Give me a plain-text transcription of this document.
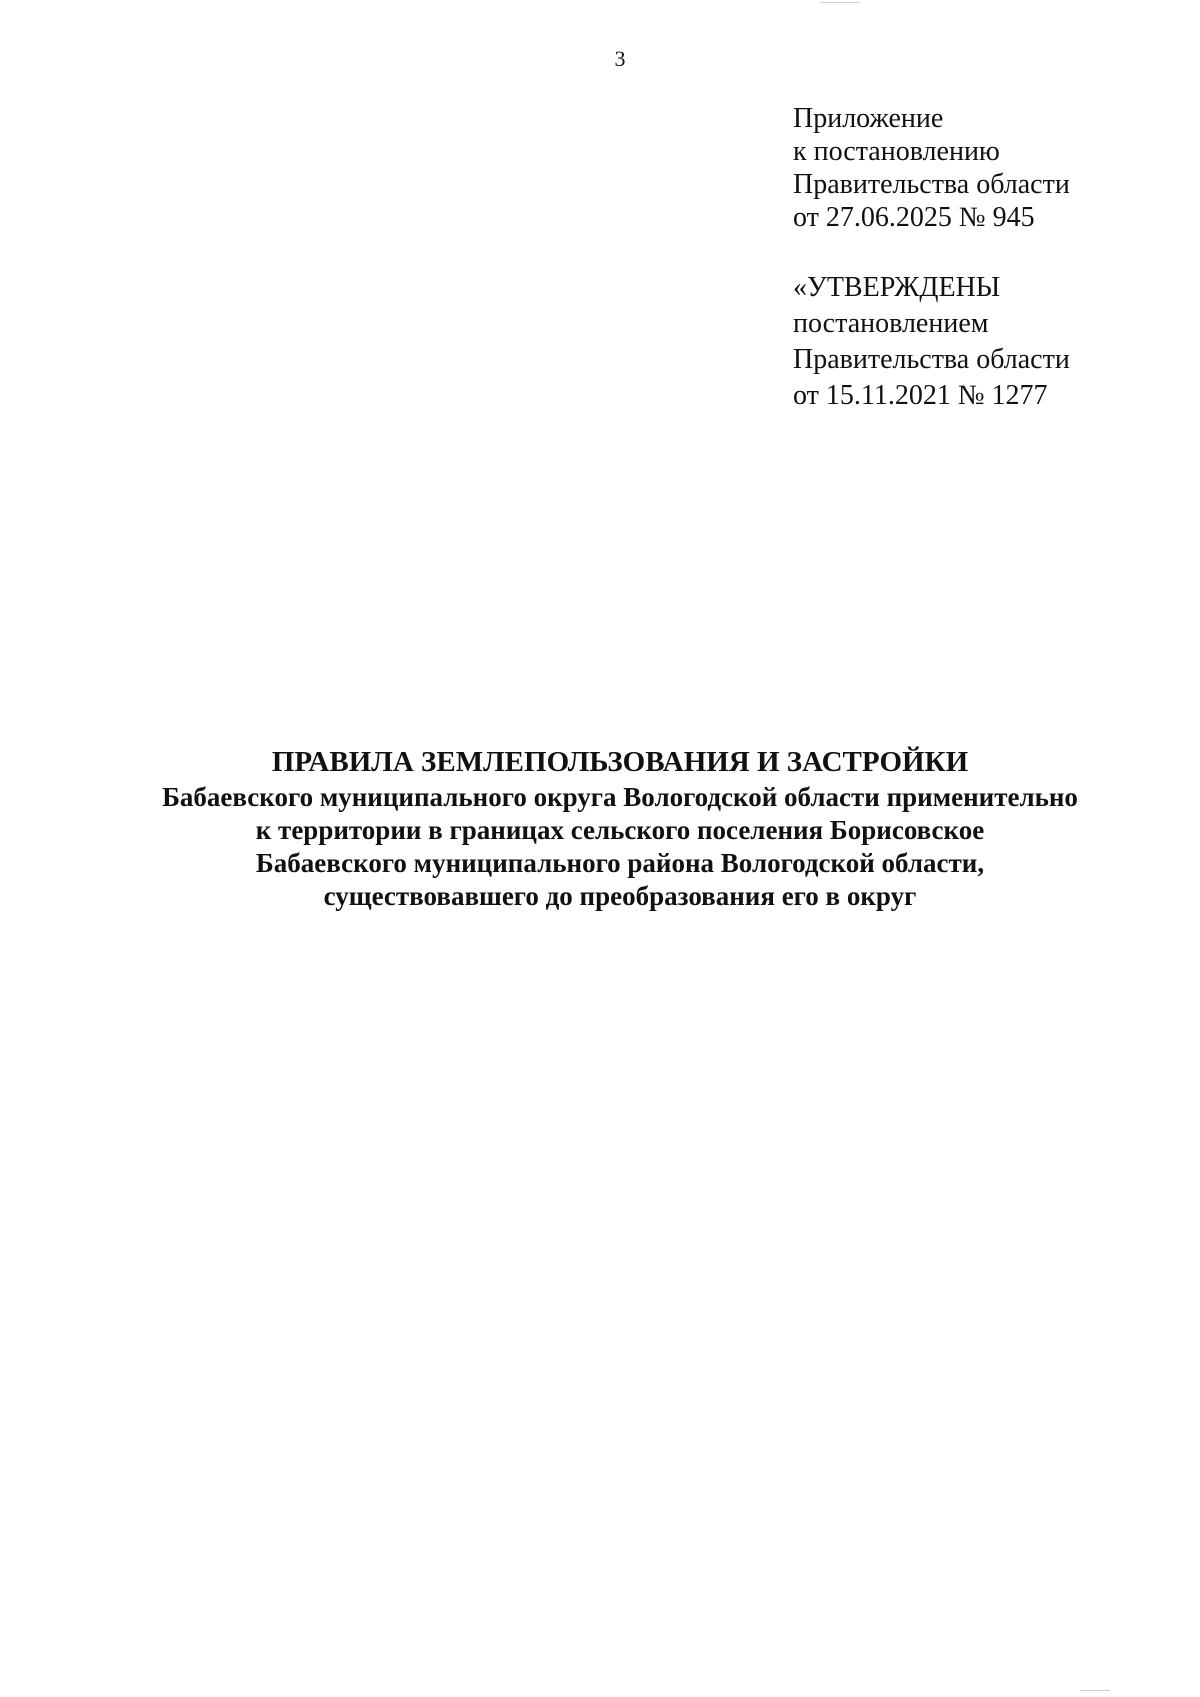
3
Приложение
к постановлению
Правительства области
от 27.06.2025 № 945
«УТВЕРЖДЕНЫ
постановлением
Правительства области
от 15.11.2021 № 1277
ПРАВИЛА ЗЕМЛЕПОЛЬЗОВАНИЯ И ЗАСТРОЙКИ
Бабаевского муниципального округа Вологодской области применительно
к территории в границах сельского поселения Борисовское
Бабаевского муниципального района Вологодской области,
существовавшего до преобразования его в округ
